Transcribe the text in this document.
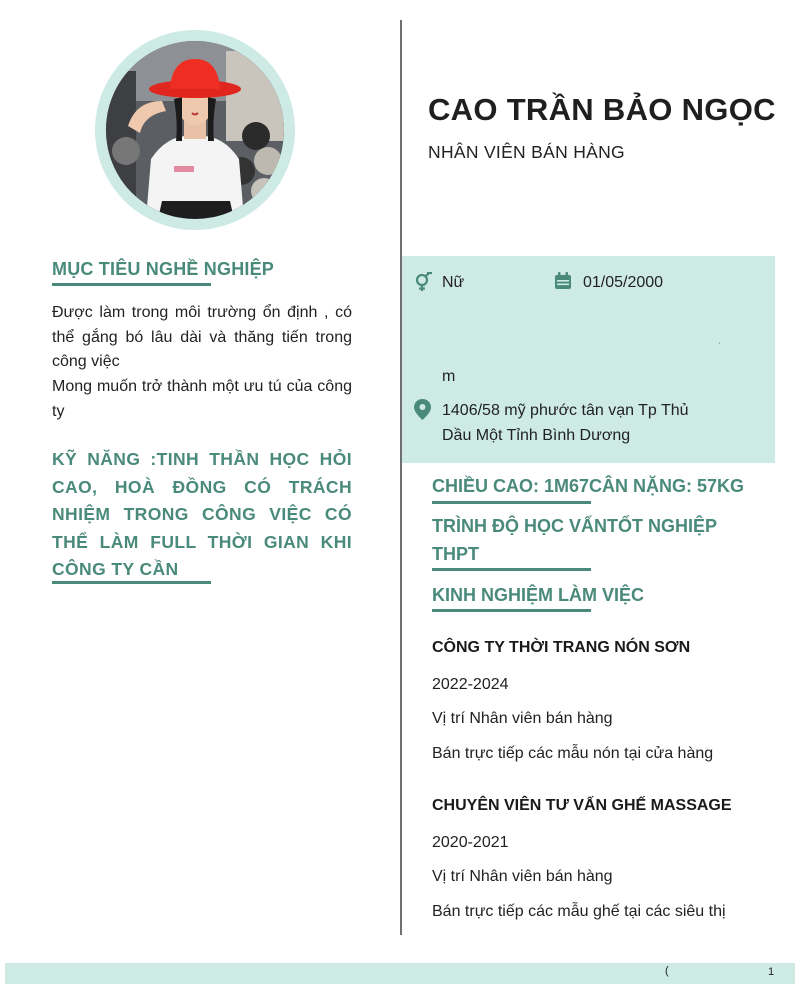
MỤC TIÊU NGHỀ NGHIỆP
Được làm trong môi trường ổn định , có thể gắng bó lâu dài và thăng tiến trong công việc
Mong muốn trở thành một ưu tú của công ty
KỸ NĂNG :TINH THẦN HỌC HỎI CAO, HOÀ ĐỒNG CÓ TRÁCH NHIỆM TRONG CÔNG VIỆC CÓ THỂ LÀM FULL THỜI GIAN KHI CÔNG TY CẦN
CAO TRẦN BẢO NGỌC
NHÂN VIÊN BÁN HÀNG
Nữ	01/05/2000
ˈ
m
1406/58 mỹ phước tân vạn Tp Thủ
Dầu Một Tỉnh Bình Dương
CHIỀU CAO: 1M67CÂN NẶNG: 57KG
TRÌNH ĐỘ HỌC VẤNTỐT NGHIỆP THPT
KINH NGHIỆM LÀM VIỆC
CÔNG TY THỜI TRANG NÓN SƠN
2022-2024
Vị trí Nhân viên bán hàng
Bán trực tiếp các mẫu nón tại cửa hàng
CHUYÊN VIÊN TƯ VẤN GHẾ MASSAGE
2020-2021
Vị trí Nhân viên bán hàng
Bán trực tiếp các mẫu ghế tại các siêu thị
(	1
